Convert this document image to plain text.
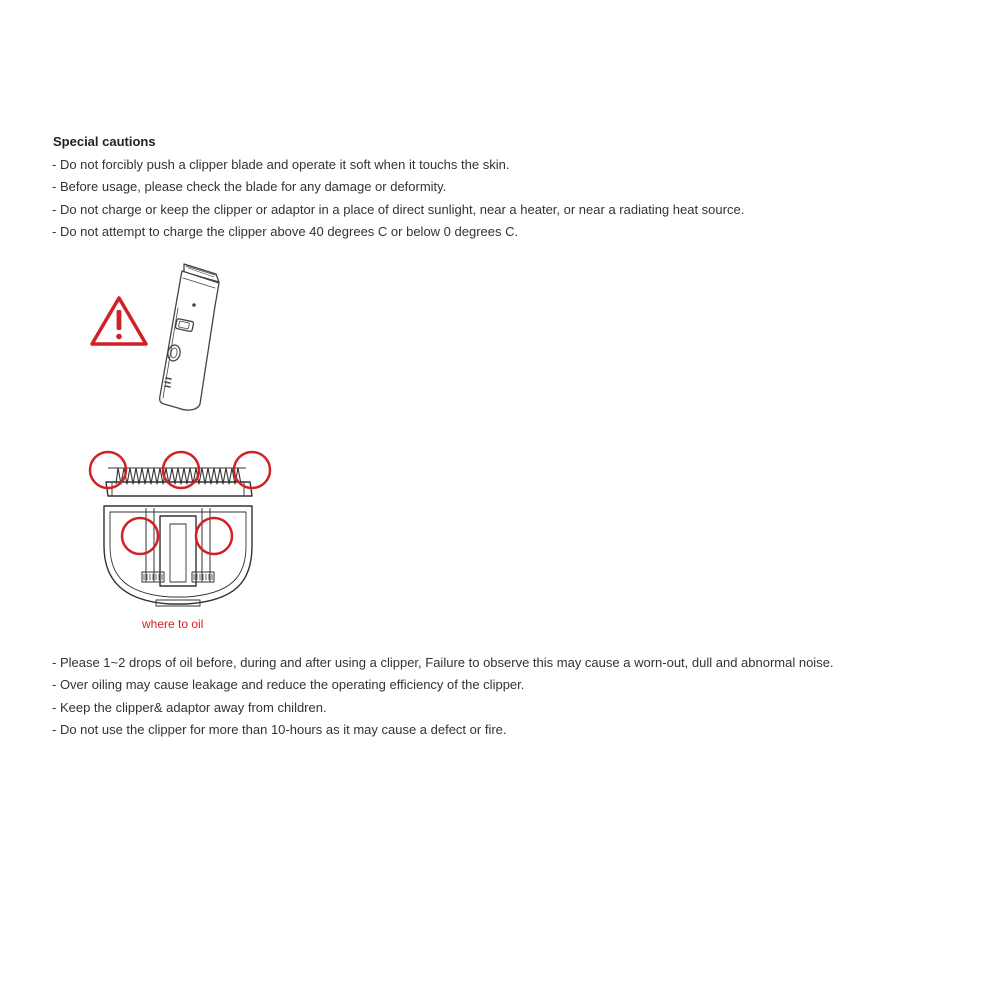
Special cautions
- Do not forcibly push a clipper blade and operate it soft when it touchs the skin.
- Before usage, please check the blade for any damage or deformity.
- Do not charge or keep the clipper or adaptor in a place of direct sunlight, near a heater, or near a radiating heat source.
- Do not attempt to charge the clipper above 40 degrees C or below 0 degrees C.
where to oil
- Please 1~2 drops of oil before, during and after using a clipper, Failure to observe this may cause a worn-out, dull and abnormal noise.
- Over oiling may cause leakage and reduce the operating efficiency of the clipper.
- Keep the clipper& adaptor away from children.
- Do not use the clipper for more than 10-hours as it may cause a defect or fire.
